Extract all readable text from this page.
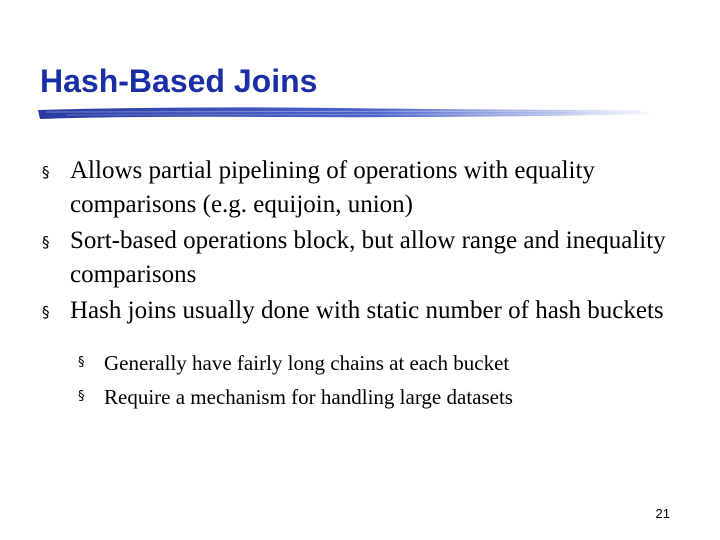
Hash-Based Joins
§ Allows partial pipelining of operations with equality comparisons (e.g. equijoin, union)
§ Sort-based operations block, but allow range and inequality comparisons
§ Hash joins usually done with static number of hash buckets
§ Generally have fairly long chains at each bucket
§ Require a mechanism for handling large datasets
21
